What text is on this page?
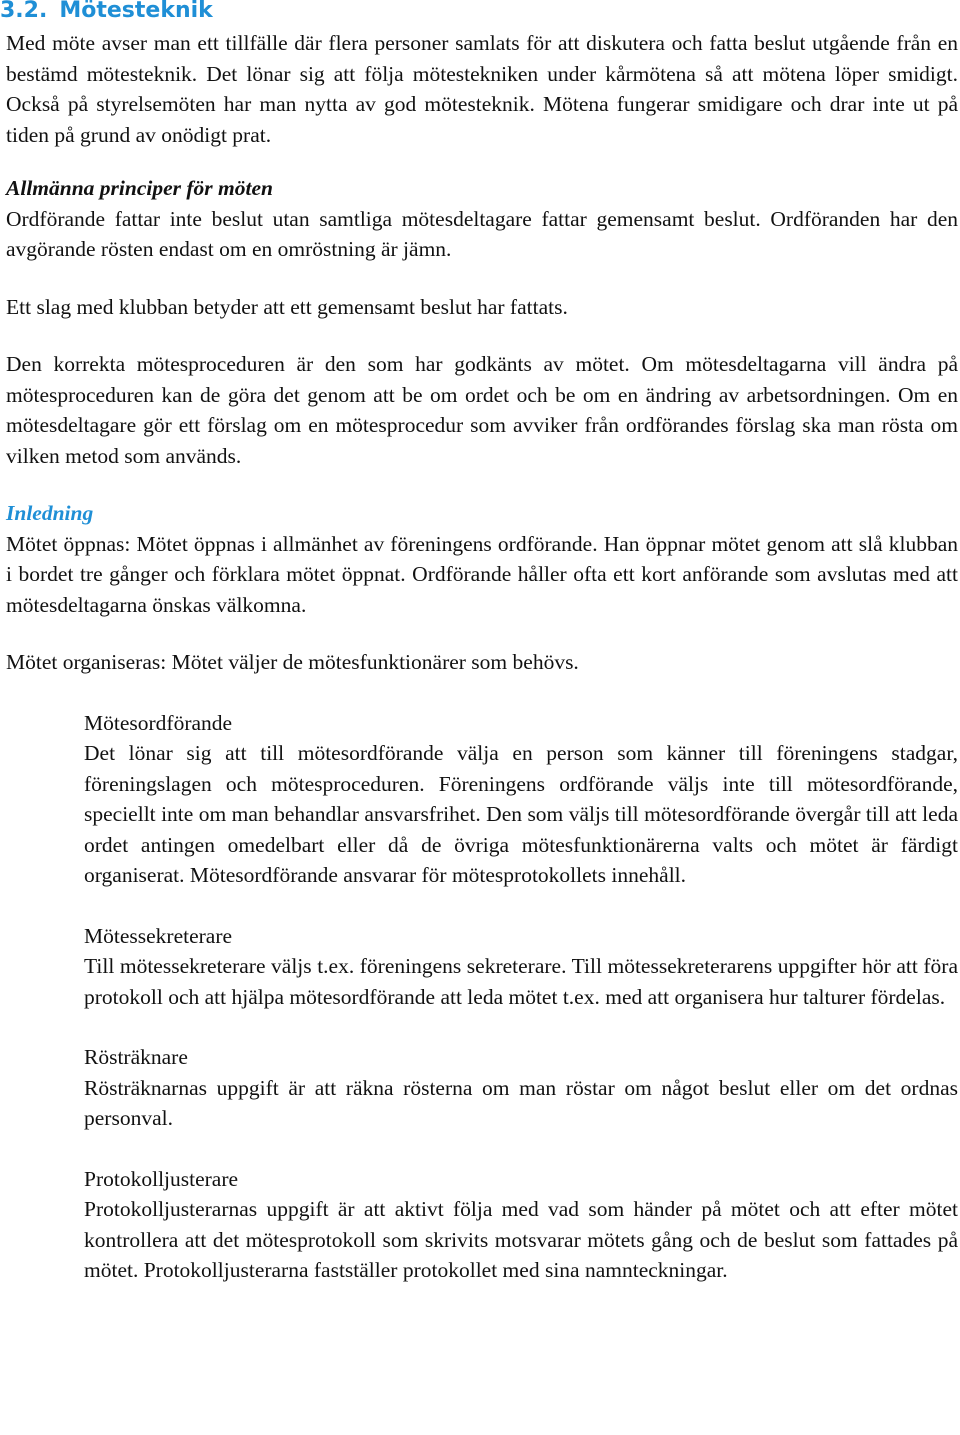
3.2. Mötesteknik

Med möte avser man ett tillfälle där flera personer samlats för att diskutera och fatta beslut utgående från en bestämd mötesteknik. Det lönar sig att följa mötestekniken under kårmötena så att mötena löper smidigt. Också på styrelsemöten har man nytta av god mötesteknik. Mötena fungerar smidigare och drar inte ut på tiden på grund av onödigt prat.

Allmänna principer för möten

Ordförande fattar inte beslut utan samtliga mötesdeltagare fattar gemensamt beslut. Ordföranden har den avgörande rösten endast om en omröstning är jämn.

Ett slag med klubban betyder att ett gemensamt beslut har fattats.

Den korrekta mötesproceduren är den som har godkänts av mötet. Om mötesdeltagarna vill ändra på mötesproceduren kan de göra det genom att be om ordet och be om en ändring av arbetsordningen. Om en mötesdeltagare gör ett förslag om en mötesprocedur som avviker från ordförandes förslag ska man rösta om vilken metod som används.

Inledning

Mötet öppnas: Mötet öppnas i allmänhet av föreningens ordförande. Han öppnar mötet genom att slå klubban i bordet tre gånger och förklara mötet öppnat. Ordförande håller ofta ett kort anförande som avslutas med att mötesdeltagarna önskas välkomna.

Mötet organiseras: Mötet väljer de mötesfunktionärer som behövs.

Mötesordförande

Det lönar sig att till mötesordförande välja en person som känner till föreningens stadgar, föreningslagen och mötesproceduren. Föreningens ordförande väljs inte till mötesordförande, speciellt inte om man behandlar ansvarsfrihet. Den som väljs till mötesordförande övergår till att leda ordet antingen omedelbart eller då de övriga mötesfunktionärerna valts och mötet är färdigt organiserat. Mötesordförande ansvarar för mötesprotokollets innehåll.

Mötessekreterare

Till mötessekreterare väljs t.ex. föreningens sekreterare. Till mötessekreterarens uppgifter hör att föra protokoll och att hjälpa mötesordförande att leda mötet t.ex. med att organisera hur talturer fördelas.

Rösträknare

Rösträknarnas uppgift är att räkna rösterna om man röstar om något beslut eller om det ordnas personval.

Protokolljusterare

Protokolljusterarnas uppgift är att aktivt följa med vad som händer på mötet och att efter mötet kontrollera att det mötesprotokoll som skrivits motsvarar mötets gång och de beslut som fattades på mötet. Protokolljusterarna fastställer protokollet med sina namnteckningar.
